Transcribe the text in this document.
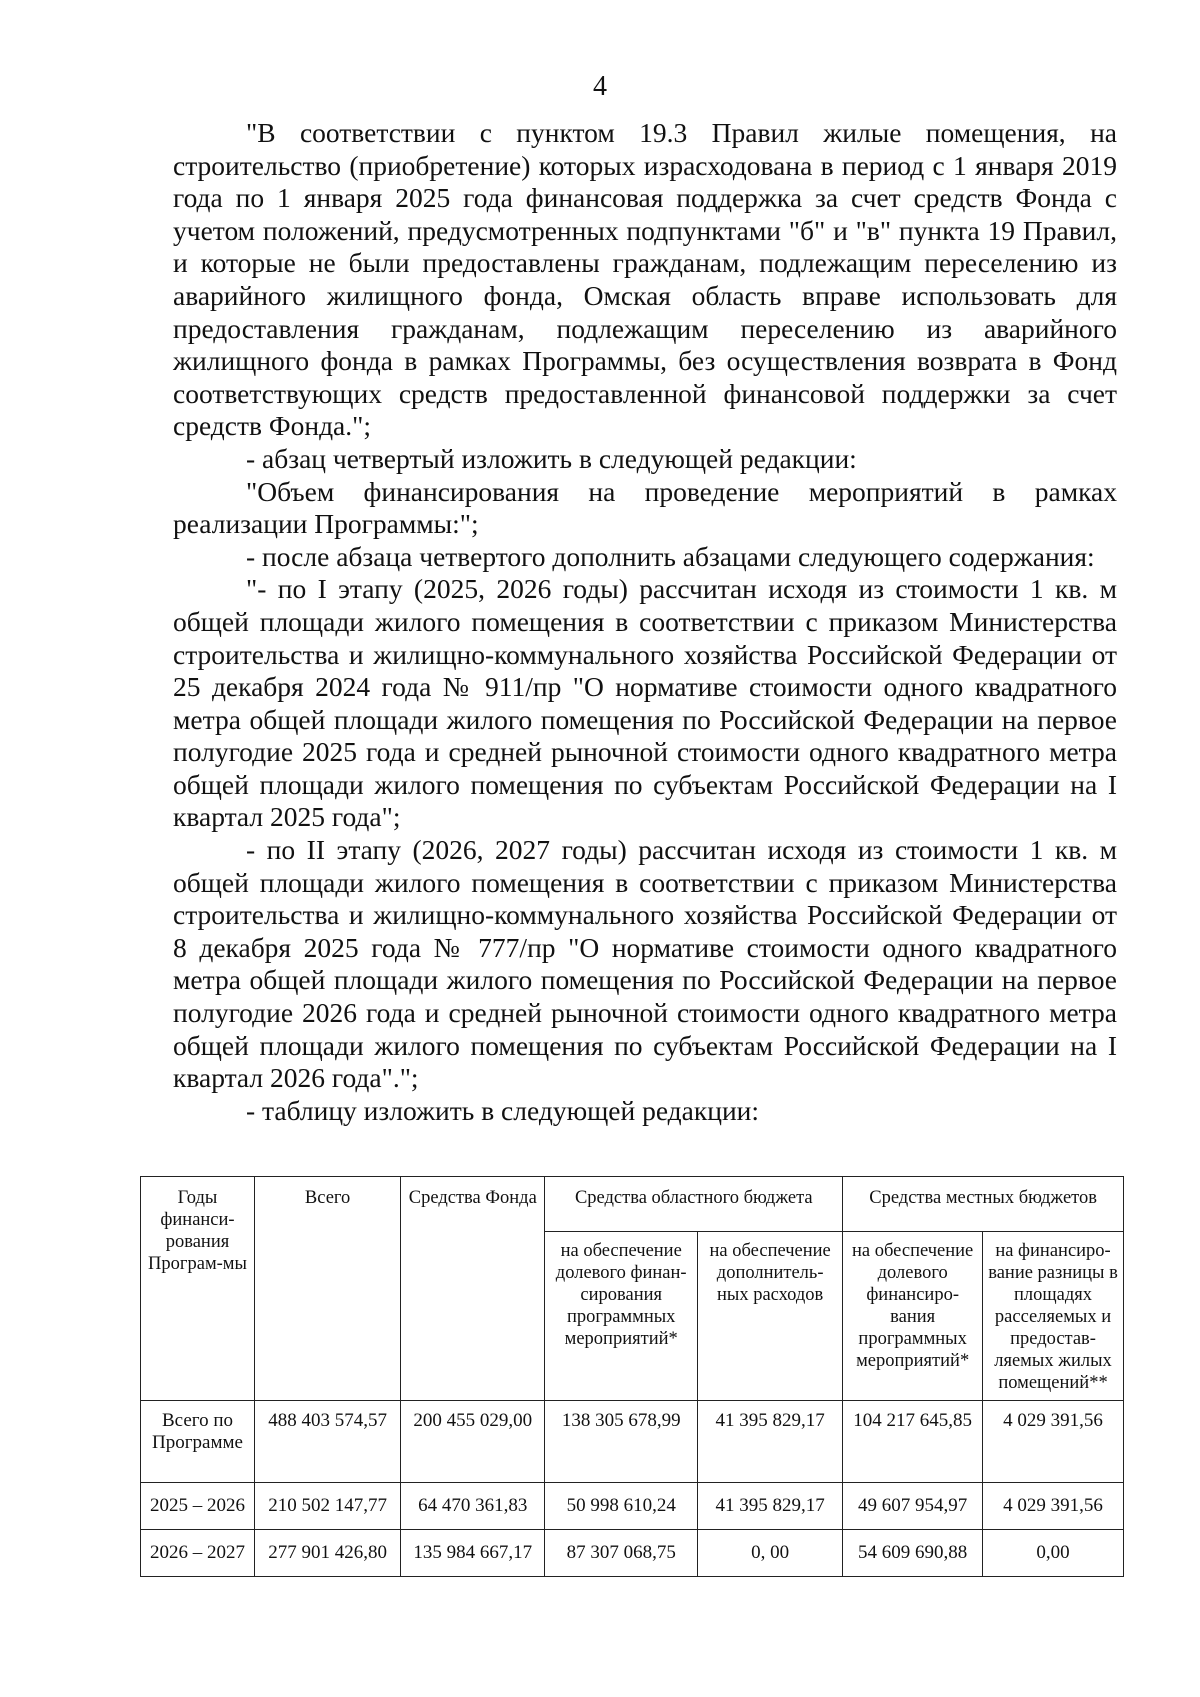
4

"В соответствии с пунктом 19.3 Правил жилые помещения, на строительство (приобретение) которых израсходована в период с 1 января 2019 года по 1 января 2025 года финансовая поддержка за счет средств Фонда с учетом положений, предусмотренных подпунктами "б" и "в" пункта 19 Правил, и которые не были предоставлены гражданам, подлежащим переселению из аварийного жилищного фонда, Омская область вправе использовать для предоставления гражданам, подлежащим переселению из аварийного жилищного фонда в рамках Программы, без осуществления возврата в Фонд соответствующих средств предоставленной финансовой поддержки за счет средств Фонда.";

- абзац четвертый изложить в следующей редакции:

"Объем финансирования на проведение мероприятий в рамках реализации Программы:";

- после абзаца четвертого дополнить абзацами следующего содержания:

"- по I этапу (2025, 2026 годы) рассчитан исходя из стоимости 1 кв. м общей площади жилого помещения в соответствии с приказом Министерства строительства и жилищно-коммунального хозяйства Российской Федерации от 25 декабря 2024 года № 911/пр "О нормативе стоимости одного квадратного метра общей площади жилого помещения по Российской Федерации на первое полугодие 2025 года и средней рыночной стоимости одного квадратного метра общей площади жилого помещения по субъектам Российской Федерации на I квартал 2025 года";

- по II этапу (2026, 2027 годы) рассчитан исходя из стоимости 1 кв. м общей площади жилого помещения в соответствии с приказом Министерства строительства и жилищно-коммунального хозяйства Российской Федерации от 8 декабря 2025 года № 777/пр "О нормативе стоимости одного квадратного метра общей площади жилого помещения по Российской Федерации на первое полугодие 2026 года и средней рыночной стоимости одного квадратного метра общей площади жилого помещения по субъектам Российской Федерации на I квартал 2026 года".";

- таблицу изложить в следующей редакции:

Годы финанси-рования Програм-мы	Всего	Средства Фонда	Средства областного бюджета		Средства местных бюджетов	
			на обеспечение долевого финан-сирования программных мероприятий*	на обеспечение дополнитель-ных расходов	на обеспечение долевого финансиро-вания программных мероприятий*	на финансиро-вание разницы в площадях расселяемых и предостав-ляемых жилых помещений**
Всего по Программе	488 403 574,57	200 455 029,00	138 305 678,99	41 395 829,17	104 217 645,85	4 029 391,56
2025 – 2026	210 502 147,77	64 470 361,83	50 998 610,24	41 395 829,17	49 607 954,97	4 029 391,56
2026 – 2027	277 901 426,80	135 984 667,17	87 307 068,75	0, 00	54 609 690,88	0,00
